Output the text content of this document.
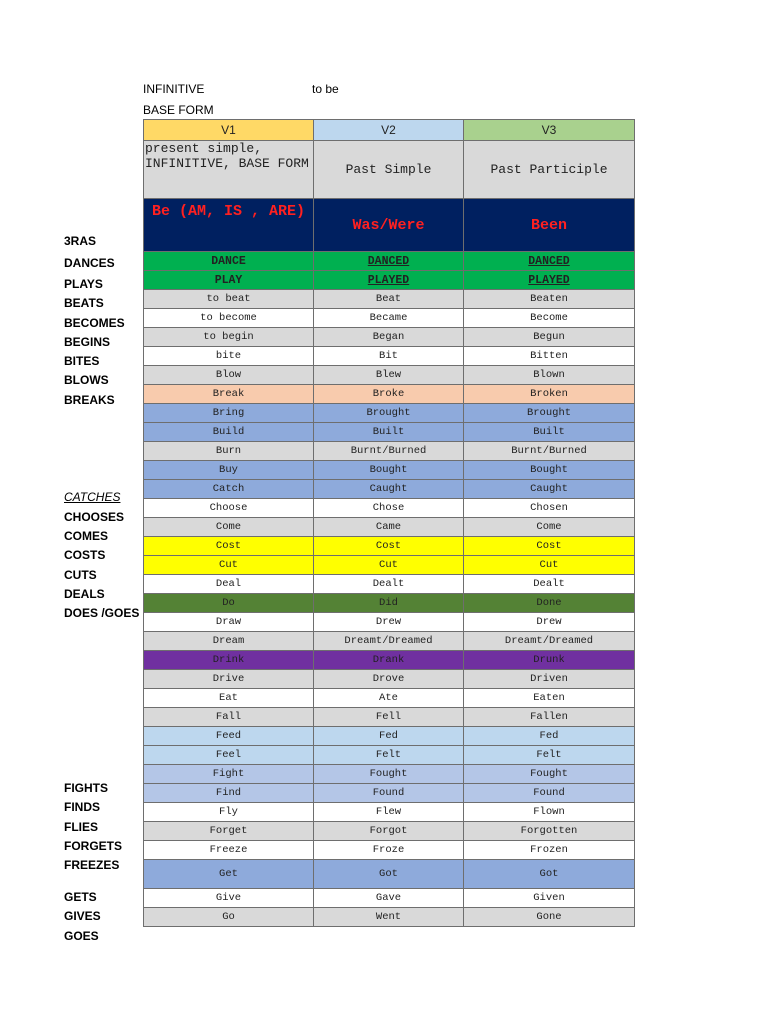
INFINITIVE	to be
BASE FORM
V1	V2	V3
present simple, INFINITIVE, BASE FORM	Past Simple	Past Participle
Be (AM, IS , ARE)	Was/Were	Been
DANCE	DANCED	DANCED
PLAY	PLAYED	PLAYED
to beat	Beat	Beaten
to become	Became	Become
to begin	Began	Begun
bite	Bit	Bitten
Blow	Blew	Blown
Break	Broke	Broken
Bring	Brought	Brought
Build	Built	Built
Burn	Burnt/Burned	Burnt/Burned
Buy	Bought	Bought
Catch	Caught	Caught
Choose	Chose	Chosen
Come	Came	Come
Cost	Cost	Cost
Cut	Cut	Cut
Deal	Dealt	Dealt
Do	Did	Done
Draw	Drew	Drew
Dream	Dreamt/Dreamed	Dreamt/Dreamed
Drink	Drank	Drunk
Drive	Drove	Driven
Eat	Ate	Eaten
Fall	Fell	Fallen
Feed	Fed	Fed
Feel	Felt	Felt
Fight	Fought	Fought
Find	Found	Found
Fly	Flew	Flown
Forget	Forgot	Forgotten
Freeze	Froze	Frozen
Get	Got	Got
Give	Gave	Given
Go	Went	Gone
3RAS
DANCES
PLAYS
BEATS
BECOMES
BEGINS
BITES
BLOWS
BREAKS
CATCHES
CHOOSES
COMES
COSTS
CUTS
DEALS
DOES /GOES
FIGHTS
FINDS
FLIES
FORGETS
FREEZES
GETS
GIVES
GOES
